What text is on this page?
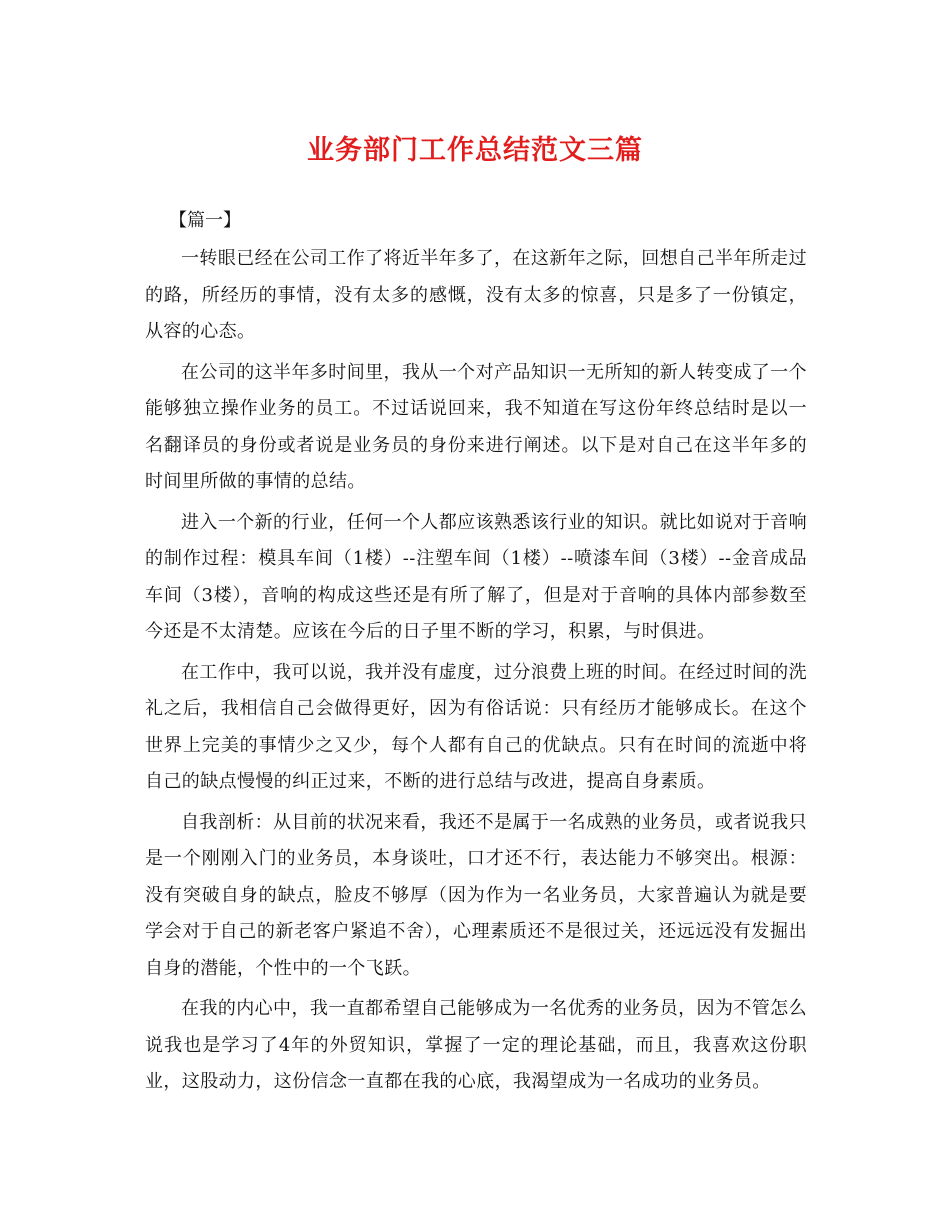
业务部门工作总结范文三篇
【篇一】

一转眼已经在公司工作了将近半年多了，在这新年之际，回想自己半年所走过的路，所经历的事情，没有太多的感慨，没有太多的惊喜，只是多了一份镇定，从容的心态。

在公司的这半年多时间里，我从一个对产品知识一无所知的新人转变成了一个能够独立操作业务的员工。不过话说回来，我不知道在写这份年终总结时是以一名翻译员的身份或者说是业务员的身份来进行阐述。以下是对自己在这半年多的时间里所做的事情的总结。

进入一个新的行业，任何一个人都应该熟悉该行业的知识。就比如说对于音响的制作过程：模具车间（1楼）--注塑车间（1楼）--喷漆车间（3楼）--金音成品车间（3楼），音响的构成这些还是有所了解了，但是对于音响的具体内部参数至今还是不太清楚。应该在今后的日子里不断的学习，积累，与时俱进。

在工作中，我可以说，我并没有虚度，过分浪费上班的时间。在经过时间的洗礼之后，我相信自己会做得更好，因为有俗话说：只有经历才能够成长。在这个世界上完美的事情少之又少，每个人都有自己的优缺点。只有在时间的流逝中将自己的缺点慢慢的纠正过来，不断的进行总结与改进，提高自身素质。

自我剖析：从目前的状况来看，我还不是属于一名成熟的业务员，或者说我只是一个刚刚入门的业务员，本身谈吐，口才还不行，表达能力不够突出。根源：没有突破自身的缺点，脸皮不够厚（因为作为一名业务员，大家普遍认为就是要学会对于自己的新老客户紧追不舍），心理素质还不是很过关，还远远没有发掘出自身的潜能，个性中的一个飞跃。

在我的内心中，我一直都希望自己能够成为一名优秀的业务员，因为不管怎么说我也是学习了4年的外贸知识，掌握了一定的理论基础，而且，我喜欢这份职业，这股动力，这份信念一直都在我的心底，我渴望成为一名成功的业务员。
